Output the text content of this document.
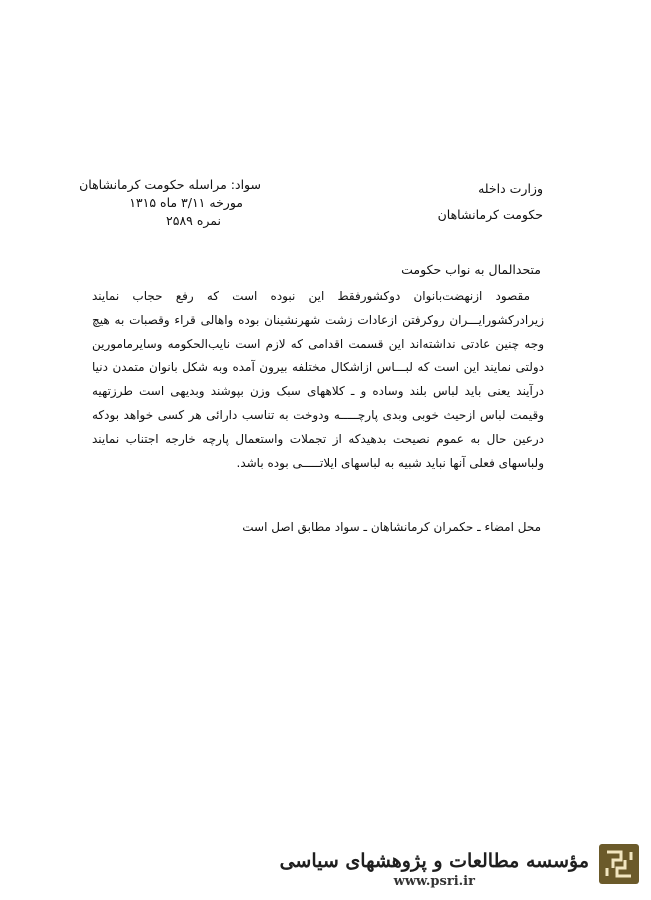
وزارت داخله
حکومت کرمانشاهان
سواد: مراسله حکومت کرمانشاهان
مورخه ۳/۱۱ ماه ۱۳۱۵
نمره ۲۵۸۹
متحدالمال به نواب حکومت

مقصود ازنهضت‌بانوان دوکشورفقط این نبوده است که رفع حجاب نمایند زیرادرکشورایـــران روکرفتن ازعادات زشت شهرنشینان بوده واهالی قراء وقصبات به هیچ وجه چنین عادتی نداشته‌اند این قسمت اقدامی که لازم است نایب‌الحکومه وسایرمامورین دولتی نمایند این است که لبـــاس ازاشکال مختلفه بیرون آمده وبه شکل بانوان متمدن دنیا درآیند یعنی باید لباس بلند وساده و ـ کلاههای سبک وزن بپوشند وبدیهی است طرزتهیه وقیمت لباس ازحیث خوبی وبدی پارچـــــه ودوخت به تناسب دارائی هر کسی خواهد بودکه درعین حال به عموم نصیحت بدهیدکه از تجملات واستعمال پارچه خارجه اجتناب نمایند ولباسهای فعلی آنها نباید شبیه به لباسهای ایلاتـــــی بوده باشد.

محل امضاء ـ حکمران کرمانشاهان ـ سواد مطابق اصل است
مؤسسه مطالعات و پژوهشهای سیاسی
www.psri.ir
